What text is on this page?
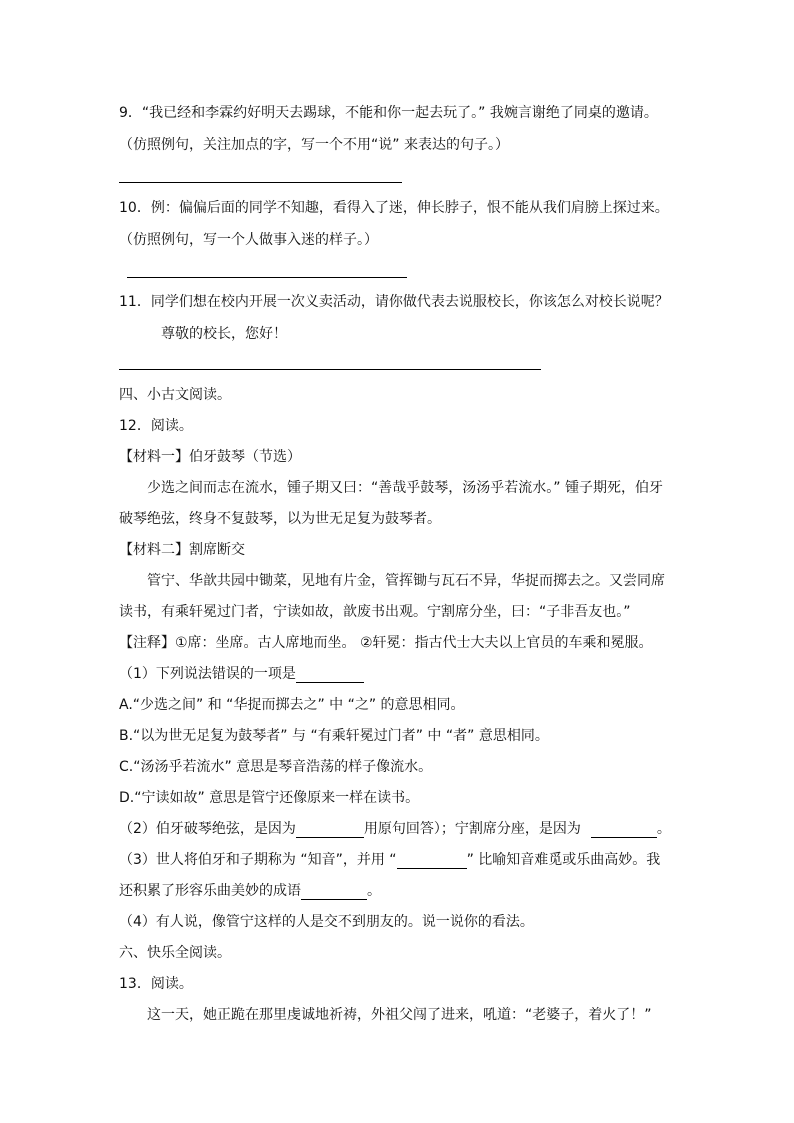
9．“我已经和李霖约好明天去踢球，不能和你一起去玩了。” 我婉言谢绝了同桌的邀请。
（仿照例句，关注加点的字，写一个不用“说” 来表达的句子。）
10．例：偏偏后面的同学不知趣，看得入了迷，伸长脖子，恨不能从我们肩膀上探过来。
（仿照例句，写一个人做事入迷的样子。）
11．同学们想在校内开展一次义卖活动，请你做代表去说服校长，你该怎么对校长说呢？
尊敬的校长，您好！
四、小古文阅读。
12．阅读。
【材料一】伯牙鼓琴（节选）
少选之间而志在流水，锺子期又曰：“善哉乎鼓琴，汤汤乎若流水。” 锺子期死，伯牙
破琴绝弦，终身不复鼓琴，以为世无足复为鼓琴者。
【材料二】割席断交
管宁、华歆共园中锄菜，见地有片金，管挥锄与瓦石不异，华捉而掷去之。又尝同席
读书，有乘轩冕过门者，宁读如故，歆废书出观。宁割席分坐，曰：“子非吾友也。”
【注释】①席：坐席。古人席地而坐。 ②轩冕：指古代士大夫以上官员的车乘和冕服。
（1）下列说法错误的一项是
A.“少选之间” 和 “华捉而掷去之” 中 “之” 的意思相同。
B.“以为世无足复为鼓琴者” 与 “有乘轩冕过门者” 中 “者” 意思相同。
C.“汤汤乎若流水” 意思是琴音浩荡的样子像流水。
D.“宁读如故” 意思是管宁还像原来一样在读书。
（2）伯牙破琴绝弦，是因为	用原句回答）；宁割席分座，是因为	。
（3）世人将伯牙和子期称为 “知音”，并用 “	” 比喻知音难觅或乐曲高妙。我
还积累了形容乐曲美妙的成语	。
（4）有人说，像管宁这样的人是交不到朋友的。说一说你的看法。
六、快乐全阅读。
13．阅读。
这一天，她正跪在那里虔诚地祈祷，外祖父闯了进来，吼道：“老婆子，着火了！”
